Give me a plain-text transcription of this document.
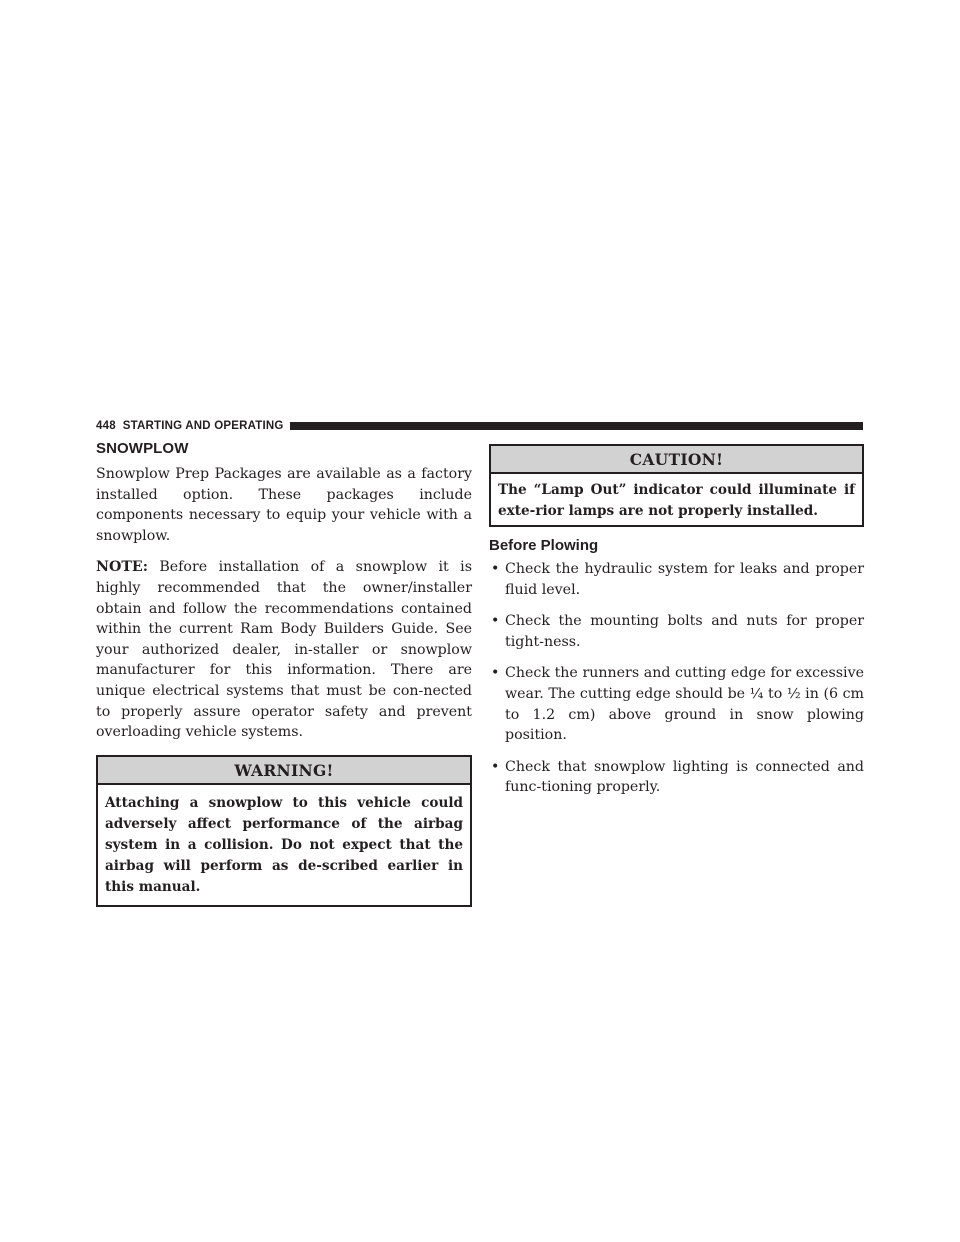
448 STARTING AND OPERATING
SNOWPLOW

Snowplow Prep Packages are available as a factory installed option. These packages include components necessary to equip your vehicle with a snowplow.

NOTE: Before installation of a snowplow it is highly recommended that the owner/installer obtain and follow the recommendations contained within the current Ram Body Builders Guide. See your authorized dealer, in-staller or snowplow manufacturer for this information. There are unique electrical systems that must be con-nected to properly assure operator safety and prevent overloading vehicle systems.

WARNING!
Attaching a snowplow to this vehicle could adversely affect performance of the airbag system in a collision. Do not expect that the airbag will perform as de-scribed earlier in this manual.
CAUTION!
The “Lamp Out” indicator could illuminate if exte-rior lamps are not properly installed.
Before Plowing
• Check the hydraulic system for leaks and proper fluid level.
• Check the mounting bolts and nuts for proper tight-ness.
• Check the runners and cutting edge for excessive wear. The cutting edge should be ¼ to ½ in (6 cm to 1.2 cm) above ground in snow plowing position.
• Check that snowplow lighting is connected and func-tioning properly.
